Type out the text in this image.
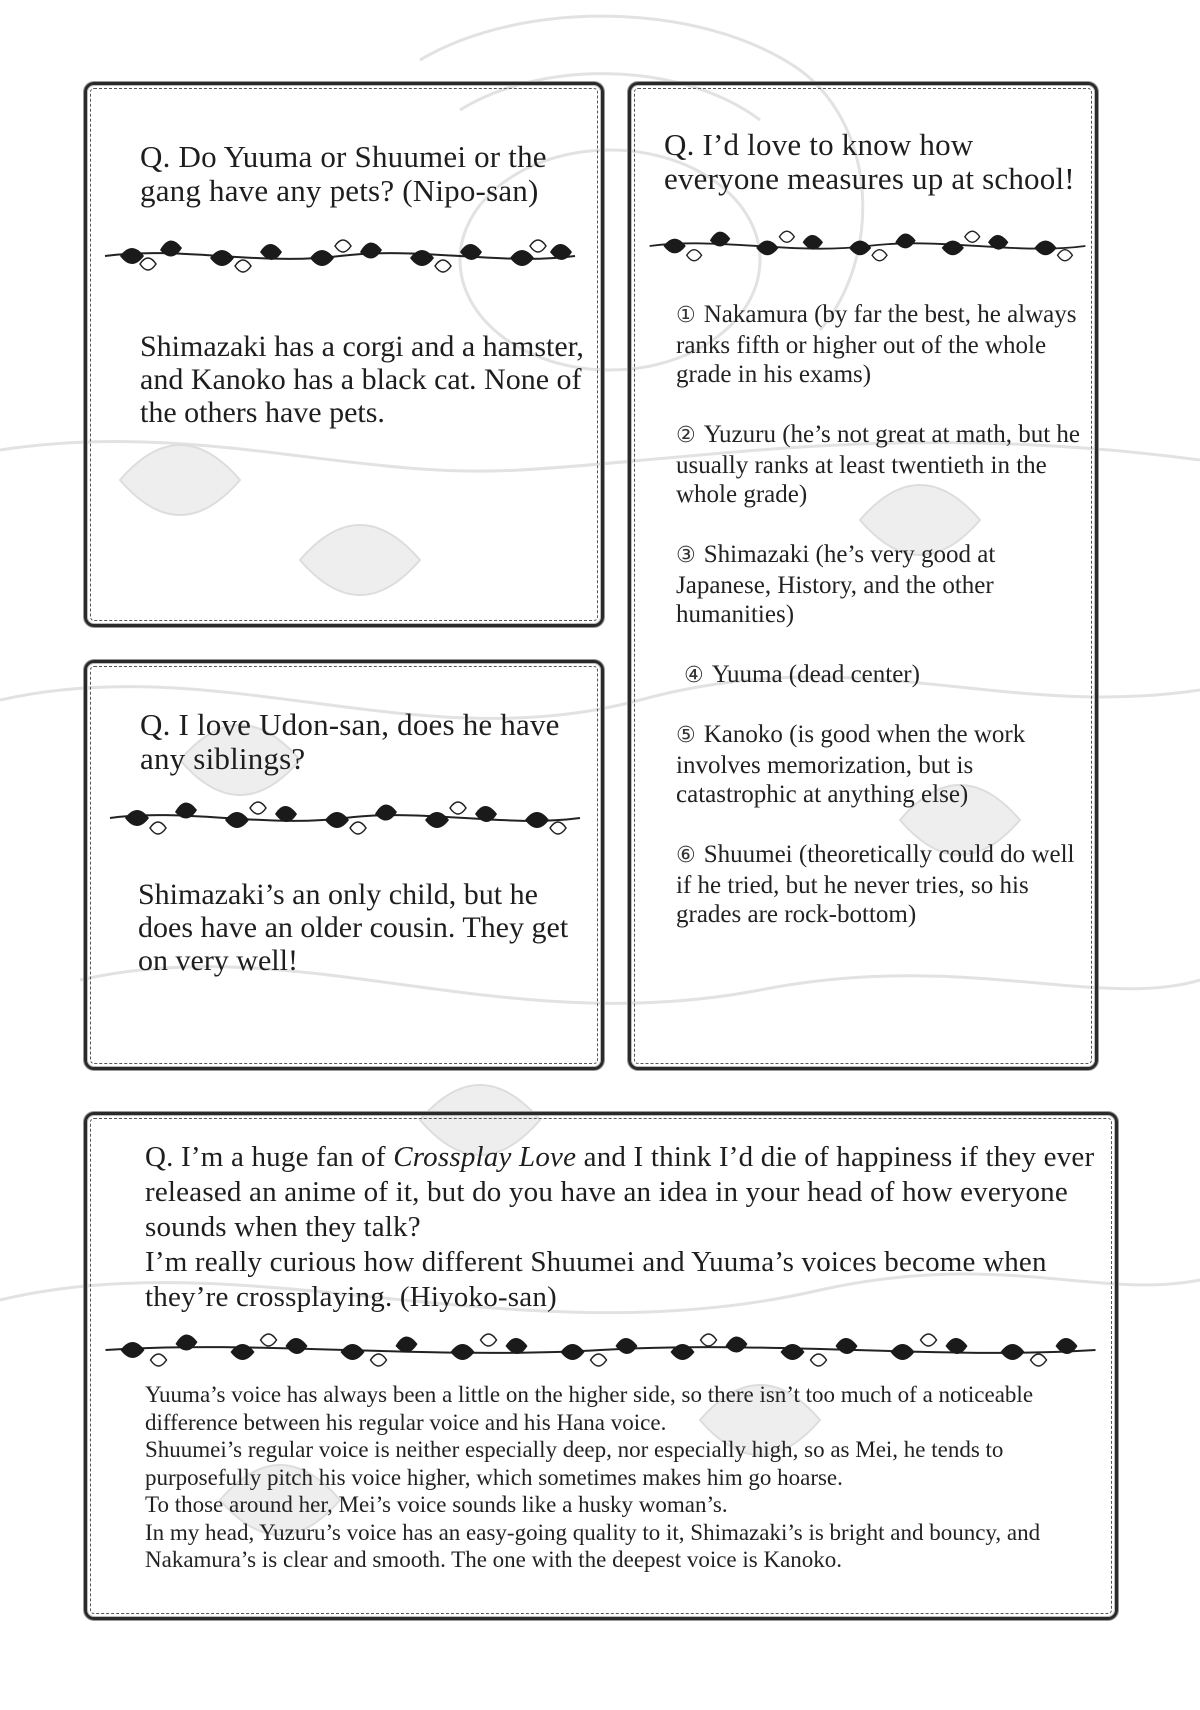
Q. Do Yuuma or Shuumei or the gang have any pets? (Nipo-san)

Shimazaki has a corgi and a hamster, and Kanoko has a black cat. None of the others have pets.

Q. I love Udon-san, does he have any siblings?

Shimazaki’s an only child, but he does have an older cousin. They get on very well!

Q. I’d love to know how everyone measures up at school!

① Nakamura (by far the best, he always ranks fifth or higher out of the whole grade in his exams)

② Yuzuru (he’s not great at math, but he usually ranks at least twentieth in the whole grade)

③ Shimazaki (he’s very good at Japanese, History, and the other humanities)

④ Yuuma (dead center)

⑤ Kanoko (is good when the work involves memorization, but is catastrophic at anything else)

⑥ Shuumei (theoretically could do well if he tried, but he never tries, so his grades are rock-bottom)

Q. I’m a huge fan of Crossplay Love and I think I’d die of happiness if they ever released an anime of it, but do you have an idea in your head of how everyone sounds when they talk?
I’m really curious how different Shuumei and Yuuma’s voices become when they’re crossplaying. (Hiyoko-san)

Yuuma’s voice has always been a little on the higher side, so there isn’t too much of a noticeable difference between his regular voice and his Hana voice.
Shuumei’s regular voice is neither especially deep, nor especially high, so as Mei, he tends to purposefully pitch his voice higher, which sometimes makes him go hoarse.
To those around her, Mei’s voice sounds like a husky woman’s.
In my head, Yuzuru’s voice has an easy-going quality to it, Shimazaki’s is bright and bouncy, and Nakamura’s is clear and smooth. The one with the deepest voice is Kanoko.
